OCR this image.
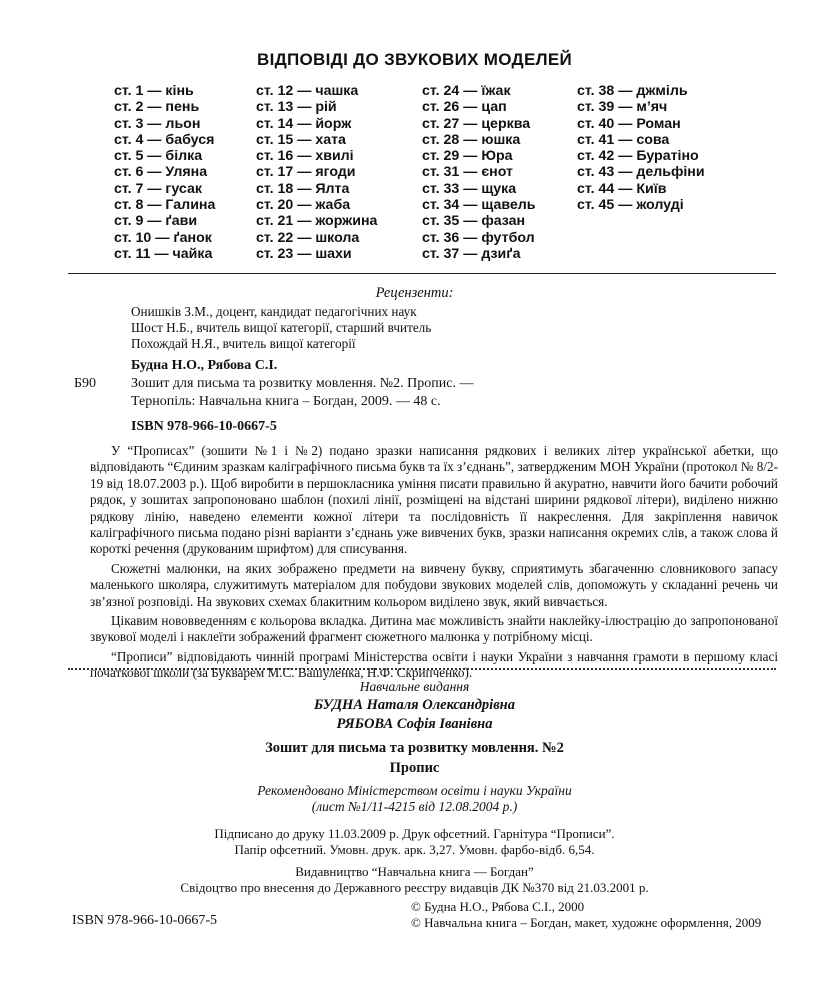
ВІДПОВІДІ ДО ЗВУКОВИХ МОДЕЛЕЙ
ст. 1 — кінь
ст. 2 — пень
ст. 3 — льон
ст. 4 — бабуся
ст. 5 — білка
ст. 6 — Уляна
ст. 7 — гусак
ст. 8 — Галина
ст. 9 — ґави
ст. 10 — ґанок
ст. 11 — чайка
ст. 12 — чашка
ст. 13 — рій
ст. 14 — йорж
ст. 15 — хата
ст. 16 — хвилі
ст. 17 — ягоди
ст. 18 — Ялта
ст. 20 — жаба
ст. 21 — жоржина
ст. 22 — школа
ст. 23 — шахи
ст. 24 — їжак
ст. 26 — цап
ст. 27 — церква
ст. 28 — юшка
ст. 29 — Юра
ст. 31 — єнот
ст. 33 — щука
ст. 34 — щавель
ст. 35 — фазан
ст. 36 — футбол
ст. 37 — дзиґа
ст. 38 — джміль
ст. 39 — м’яч
ст. 40 — Роман
ст. 41 — сова
ст. 42 — Буратіно
ст. 43 — дельфіни
ст. 44 — Київ
ст. 45 — жолуді
Рецензенти:
Онишків З.М., доцент, кандидат педагогічних наук
Шост Н.Б., вчитель вищої категорії, старший вчитель
Похождай Н.Я., вчитель вищої категорії
Будна Н.О., Рябова С.І.
Б90 Зошит для письма та розвитку мовлення. №2. Пропис. —
Тернопіль: Навчальна книга – Богдан, 2009. — 48 с.
ISBN 978-966-10-0667-5

У “Прописах” (зошити №1 і №2) подано зразки написання рядкових і великих літер української абетки, що відповідають “Єдиним зразкам каліграфічного письма букв та їх з’єднань”, затвердженим МОН України (протокол № 8/2-19 від 18.07.2003 р.). Щоб виробити в першокласника уміння писати правильно й акуратно, навчити його бачити робочий рядок, у зошитах запропоновано шаблон (похилі лінії, розміщені на відстані ширини рядкової літери), виділено нижню рядкову лінію, наведено елементи кожної літери та послідовність її накреслення. Для закріплення навичок каліграфічного письма подано різні варіанти з’єднань уже вивчених букв, зразки написання окремих слів, а також слова й короткі речення (друкованим шрифтом) для списування.

Сюжетні малюнки, на яких зображено предмети на вивчену букву, сприятимуть збагаченню словникового запасу маленького школяра, служитимуть матеріалом для побудови звукових моделей слів, допоможуть у складанні речень чи зв’язної розповіді. На звукових схемах блакитним кольором виділено звук, який вивчається.

Цікавим нововведенням є кольорова вкладка. Дитина має можливість знайти наклейку-ілюстрацію до запропонованої звукової моделі і наклеїти зображений фрагмент сюжетного малюнка у потрібному місці.

“Прописи” відповідають чинній програмі Міністерства освіти і науки України з навчання грамоти в першому класі початкової школи (за Букварем М.С. Вашуленка, Н.Ф. Скрипченко).

Навчальне видання
БУДНА Наталя Олександрівна
РЯБОВА Софія Іванівна
Зошит для письма та розвитку мовлення. №2
Пропис
Рекомендовано Міністерством освіти і науки України
(лист №1/11-4215 від 12.08.2004 р.)
Підписано до друку 11.03.2009 р. Друк офсетний. Гарнітура “Прописи”.
Папір офсетний. Умовн. друк. арк. 3,27. Умовн. фарбо-відб. 6,54.
Видавництво “Навчальна книга — Богдан”
Свідоцтво про внесення до Державного реєстру видавців ДК №370 від 21.03.2001 р.
ISBN 978-966-10-0667-5
© Будна Н.О., Рябова С.І., 2000
© Навчальна книга – Богдан, макет, художнє оформлення, 2009
